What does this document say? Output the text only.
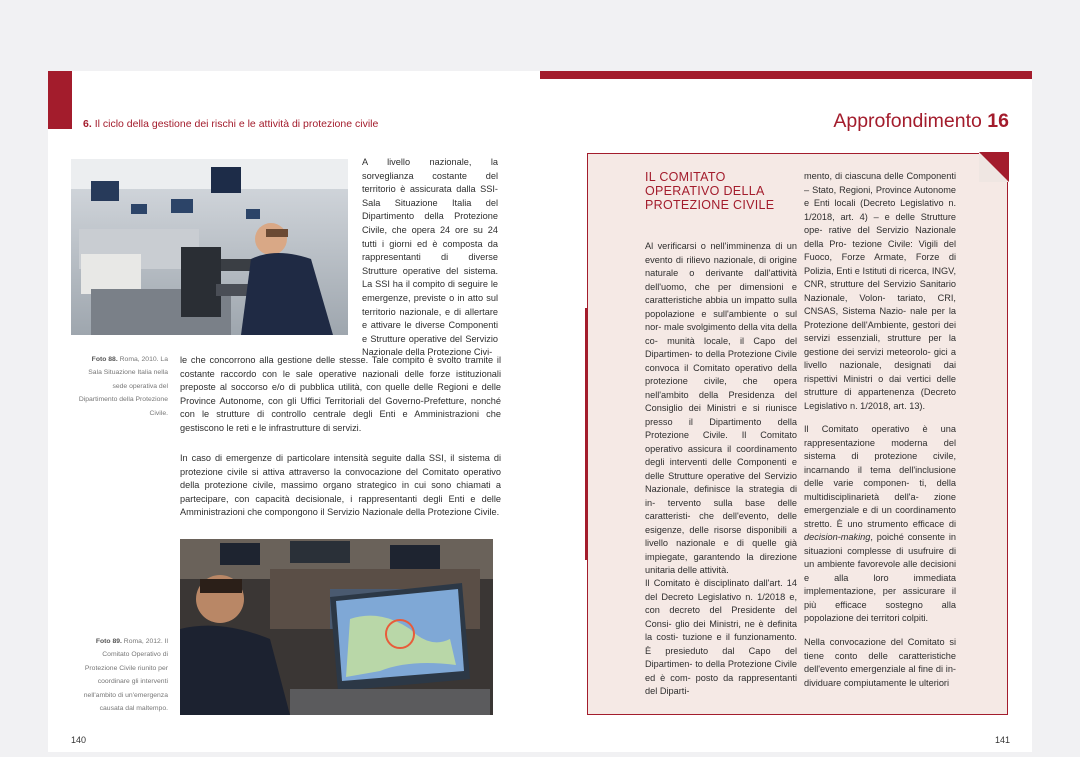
6. Il ciclo della gestione dei rischi e le attività di protezione civile	Approfondimento 16
Foto 88. Roma, 2010. La Sala Situazione Italia nella sede operativa del Dipartimento della Protezione Civile.
A livello nazionale, la sorveglianza costante del territorio è assicurata dalla SSI-Sala Situazione Italia del Dipartimento della Protezione Civile, che opera 24 ore su 24 tutti i giorni ed è composta da rappresentanti di diverse Strutture operative del sistema. La SSI ha il compito di seguire le emergenze, previste o in atto sul territorio nazionale, e di allertare e attivare le diverse Componenti e Strutture operative del Servizio Nazionale della Protezione Civi-
le che concorrono alla gestione delle stesse. Tale compito è svolto tramite il costante raccordo con le sale operative nazionali delle forze istituzionali preposte al soccorso e/o di pubblica utilità, con quelle delle Regioni e delle Province Autonome, con gli Uffici Territoriali del Governo-Prefetture, nonché con le strutture di controllo centrale degli Enti e Amministrazioni che gestiscono le reti e le infrastrutture di servizi.
In caso di emergenze di particolare intensità seguite dalla SSI, il sistema di protezione civile si attiva attraverso la convocazione del Comitato operativo della protezione civile, massimo organo strategico in cui sono chiamati a partecipare, con capacità decisionale, i rappresentanti degli Enti e delle Amministrazioni che compongono il Servizio Nazionale della Protezione Civile.
Foto 89. Roma, 2012. Il Comitato Operativo di Protezione Civile riunito per coordinare gli interventi nell'ambito di un'emergenza causata dal maltempo.
140
IL COMITATO OPERATIVO DELLA PROTEZIONE CIVILE
Al verificarsi o nell'imminenza di un evento di rilievo nazionale, di origine naturale o derivante dall'attività dell'uomo, che per dimensioni e caratteristiche abbia un impatto sulla popolazione e sull'ambiente o sul nor- male svolgimento della vita della co- munità locale, il Capo del Dipartimen- to della Protezione Civile convoca il Comitato operativo della protezione civile, che opera nell'ambito della Presidenza del Consiglio dei Ministri e si riunisce presso il Dipartimento della Protezione Civile. Il Comitato operativo assicura il coordinamento degli interventi delle Componenti e delle Strutture operative del Servizio Nazionale, definisce la strategia di in- tervento sulla base delle caratteristi- che dell'evento, delle esigenze, delle risorse disponibili a livello nazionale e di quelle già impiegate, garantendo la direzione unitaria delle attività.
Il Comitato è disciplinato dall'art. 14 del Decreto Legislativo n. 1/2018 e, con decreto del Presidente del Consi- glio dei Ministri, ne è definita la costi- tuzione e il funzionamento. È presieduto dal Capo del Dipartimen- to della Protezione Civile ed è com- posto da rappresentanti del Diparti-
mento, di ciascuna delle Componenti – Stato, Regioni, Province Autonome e Enti locali (Decreto Legislativo n. 1/2018, art. 4) – e delle Strutture ope- rative del Servizio Nazionale della Pro- tezione Civile: Vigili del Fuoco, Forze Armate, Forze di Polizia, Enti e Istituti di ricerca, INGV, CNR, strutture del Servizio Sanitario Nazionale, Volon- tariato, CRI, CNSAS, Sistema Nazio- nale per la Protezione dell'Ambiente, gestori dei servizi essenziali, strutture per la gestione dei servizi meteorolo- gici a livello nazionale, designati dai rispettivi Ministri o dai vertici delle strutture di appartenenza (Decreto Legislativo n. 1/2018, art. 13).
Il Comitato operativo è una rappresentazione moderna del sistema di protezione civile, incarnando il tema dell'inclusione delle varie componen- ti, della multidisciplinarietà dell'a- zione emergenziale e di un coordinamento stretto. È uno strumento efficace di decision-making, poiché consente in situazioni complesse di usufruire di un ambiente favorevole alle decisioni e alla loro immediata implementazione, per assicurare il più efficace sostegno alla popolazione dei territori colpiti.
Nella convocazione del Comitato si tiene conto delle caratteristiche dell'evento emergenziale al fine di in- dividuare compiutamente le ulteriori
141
